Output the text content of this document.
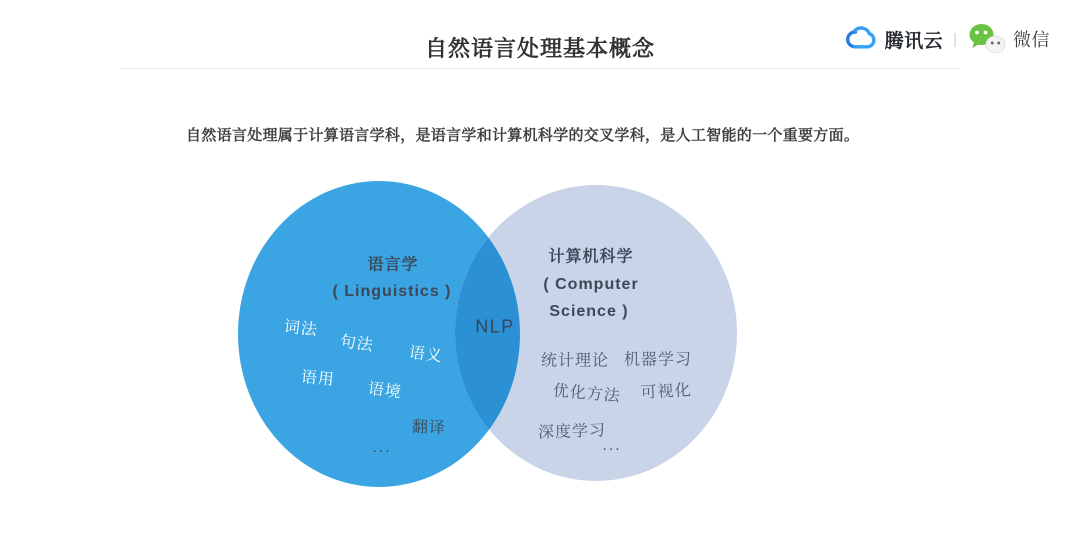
自然语言处理基本概念	腾讯云 |	微信
自然语言处理属于计算语言学科，是语言学和计算机科学的交叉学科，是人工智能的一个重要方面。
语言学
( Linguistics )
词法
句法
语义
语用
语境
翻译
...
NLP
计算机科学
( Computer
Science )
统计理论 机器学习
优化方法 可视化
深度学习
...
